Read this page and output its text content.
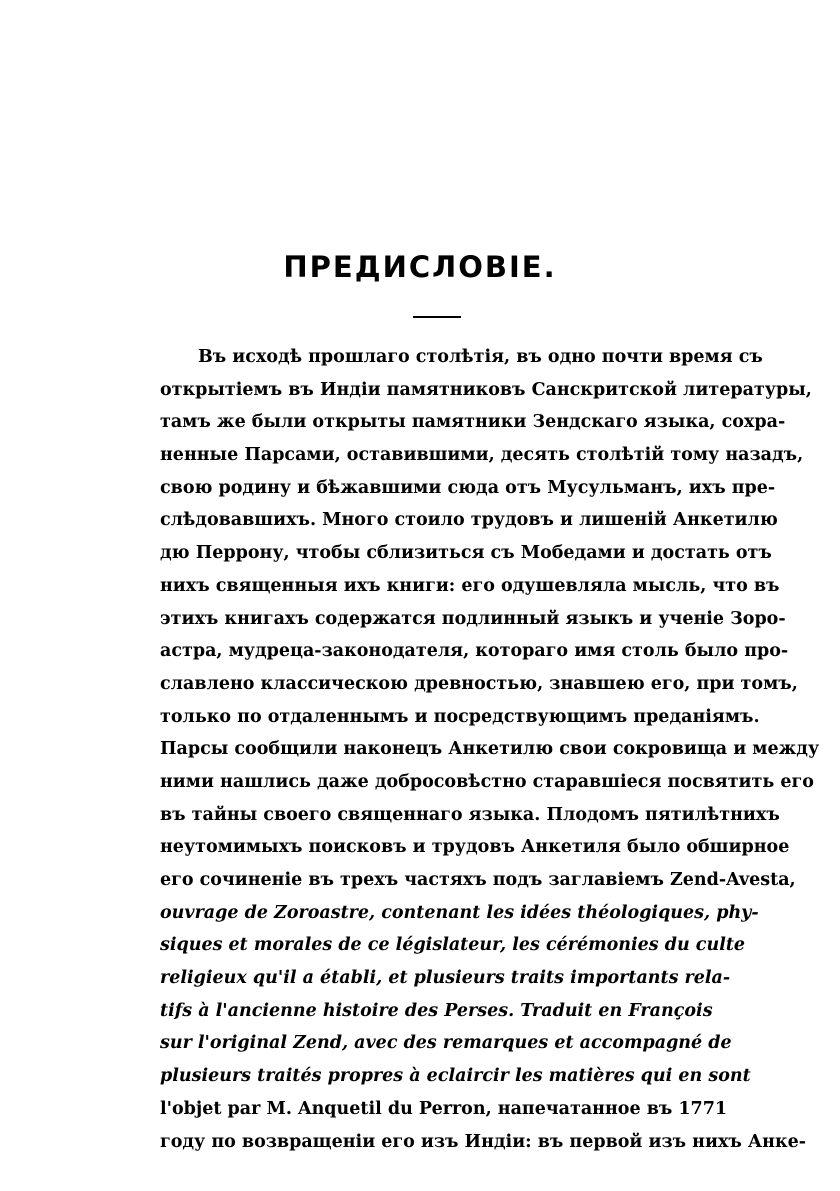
ПРЕДИСЛОВІЕ.
Въ исходѣ прошлаго столѣтія, въ одно почти время съ
открытіемъ въ Индіи памятниковъ Санскритской литературы,
тамъ же были открыты памятники Зендскаго языка, сохра-
ненные Парсами, оставившими, десять столѣтій тому назадъ,
свою родину и бѣжавшими сюда отъ Мусульманъ, ихъ пре-
слѣдовавшихъ. Много стоило трудовъ и лишеній Анкетилю
дю Перрону, чтобы сблизиться съ Мобедами и достать отъ
нихъ священныя ихъ книги: его одушевляла мысль, что въ
этихъ книгахъ содержатся подлинный языкъ и ученіе Зоро-
астра, мудреца-законодателя, котораго имя столь было про-
славлено классическою древностью, знавшею его, при томъ,
только по отдаленнымъ и посредствующимъ преданіямъ.
Парсы сообщили наконецъ Анкетилю свои сокровища и между
ними нашлись даже добросовѣстно старавшіеся посвятить его
въ тайны своего священнаго языка. Плодомъ пятилѣтнихъ
неутомимыхъ поисковъ и трудовъ Анкетиля было обширное
его сочиненіе въ трехъ частяхъ подъ заглавіемъ Zend-Avesta,
ouvrage de Zoroastre, contenant les idées théologiques, phy-
siques et morales de ce législateur, les cérémonies du culte
religieux qu'il a établi, et plusieurs traits importants rela-
tifs à l'ancienne histoire des Perses. Traduit en François
sur l'original Zend, avec des remarques et accompagné de
plusieurs traités propres à eclaircir les matières qui en sont
l'objet par M. Anquetil du Perron, напечатанное въ 1771
году по возвращеніи его изъ Индіи: въ первой изъ нихъ Анке-
